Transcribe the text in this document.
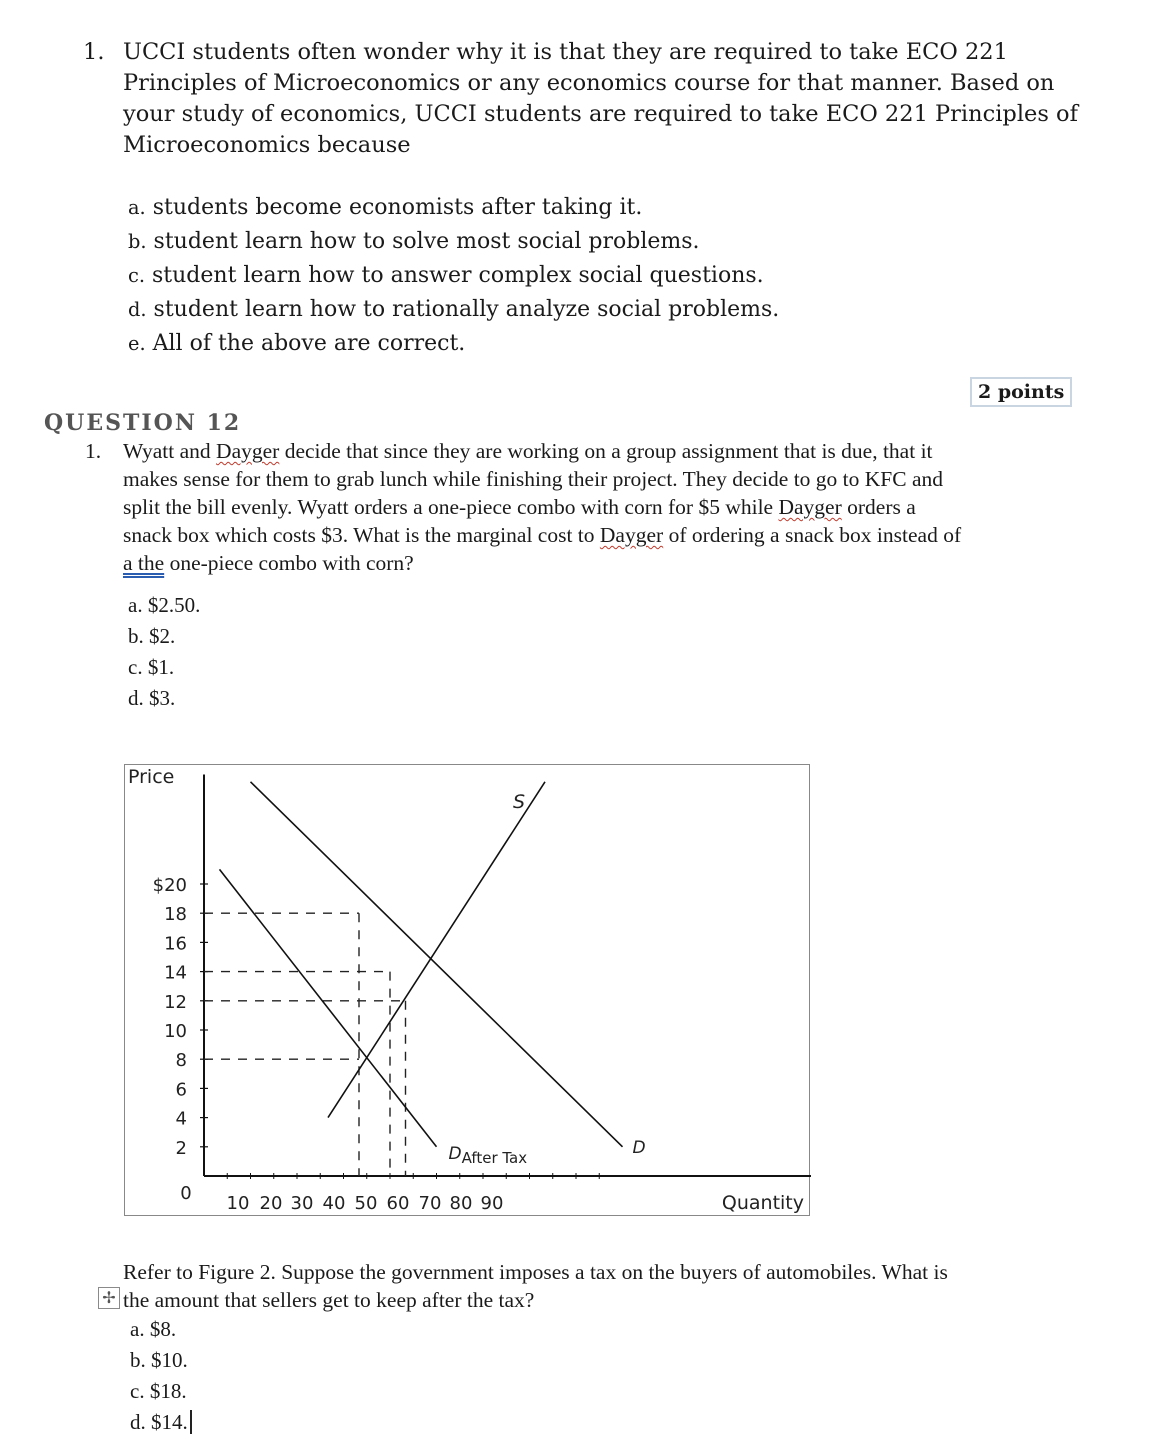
1. UCCI students often wonder why it is that they are required to take ECO 221
Principles of Microeconomics or any economics course for that manner. Based on
your study of economics, UCCI students are required to take ECO 221 Principles of
Microeconomics because
a. students become economists after taking it.
b. student learn how to solve most social problems.
c. student learn how to answer complex social questions.
d. student learn how to rationally analyze social problems.
e. All of the above are correct.
2 points
QUESTION 12
1. Wyatt and Dayger decide that since they are working on a group assignment that is due, that it
makes sense for them to grab lunch while finishing their project. They decide to go to KFC and
split the bill evenly. Wyatt orders a one-piece combo with corn for $5 while Dayger orders a
snack box which costs $3. What is the marginal cost to Dayger of ordering a snack box instead of
a the one-piece combo with corn?
a. $2.50.
b. $2.
c. $1.
d. $3.
$20
18
16
14
12
10
8
6
4
2
10 20 30 40 50 60 70 80 90
0
Price
Quantity
S
D
DAfter Tax
✢
Refer to Figure 2. Suppose the government imposes a tax on the buyers of automobiles. What is
the amount that sellers get to keep after the tax?
a. $8.
b. $10.
c. $18.
d. $14.
